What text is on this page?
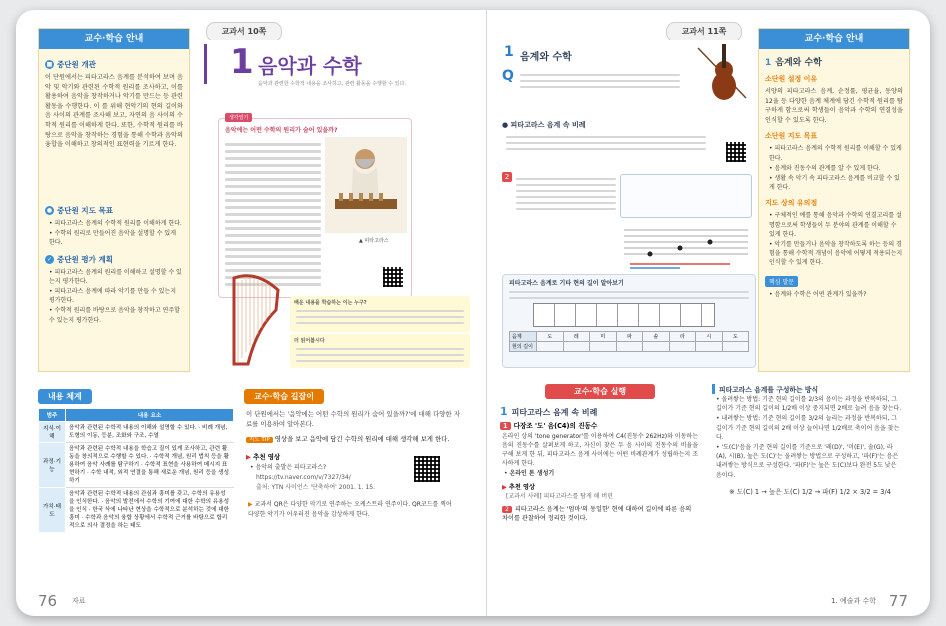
교수·학습 안내
■ 중단원 개관
이 단원에서는 피타고라스 음계를 분석하여 보며 음악 및 악기와 관련된 수학적 원리를 조사하고, 이를 활용하여 음악을 창작하거나 악기를 만드는 등 관련 활동을 수행한다. 이 를 위해 현악기의 현의 길이와 음 사이의 관계를 조사해 보고, 자연의 음 사이의 수학적 원리를 이해하게 한다. 또한, 수학적 원리를 바탕으로 음악을 창작하는 경험을 통해 수학과 음악의 융합을 이해하고 창의적인 표현력을 기르게 한다.
● 중단원 지도 목표
• 피타고라스 음계의 수학적 원리를 이해하게 한다.
• 수학의 원리로 만들어진 음악을 설명할 수 있게 한다.
✓ 중단원 평가 계획
• 피타고라스 음계의 원리를 이해하고 설명할 수 있는지 평가한다.
• 피타고라스 음계에 따라 악기를 만들 수 있는지 평가한다.
• 수학적 원리를 바탕으로 음악을 창작하고 연주할 수 있는지 평가한다.
교과서 10쪽	교과서 11쪽
1 음악과 수학
음악과 관련한 수학적 내용을 조사하고, 관련 활동을 수행할 수 있다.
생각열기
음악에는 어떤 수학의 원리가 숨어 있을까?
▲ 피타고라스
배운 내용을 학습하는 이는 누구?
더 읽어봅시다
1 음계와 수학
Q
● 피타고라스 음계 속 비례
2
피타고라스 음계로 기타 현의 길이 알아보기
음계	도	레	미	파	솔	라	시	도
현의 길이								
교수·학습 안내
1 음계와 수학
소단원 설정 이유
서양의 피타고라스 음계, 순정률, 평균율, 동양의 12율 등 다양한 음계 체계에 담긴 수학적 원리를 탐구하게 함으로써 학생들이 음악과 수학의 연결성을 인식할 수 있도록 한다.
소단원 지도 목표
• 피타고라스 음계의 수학적 원리를 이해할 수 있게 한다.
• 음계와 진동수의 관계를 알 수 있게 한다.
• 생활 속 악기 속 피타고라스 음계를 비교할 수 있게 한다.
지도 상의 유의점
• 구체적인 예를 통해 음악과 수학의 연결고리를 설명함으로써 학생들이 두 분야의 관계를 이해할 수 있게 한다.
• 악기를 만들거나 음악을 창작하도록 하는 등의 경험을 통해 수학적 개념이 음악에 어떻게 적용되는지 인식할 수 있게 한다.
핵심 발문
• 음계와 수학은 어떤 관계가 있을까?
내용 체계
범주	내용 요소
지식·이해	음악과 관련된 수학적 내용의 이해와 설명할 수 있다. · 비례 개념, 도형의 이동, 등분, 조화와 구조, 수열
과정·기능	음악과 관련된 수학적 내용을 학습고 질이 있게 조사하고, 관련 활동을 창의적으로 수행할 수 있다. · 수학적 개념, 원리 법칙 등을 활용하여 음악 사례를 탐구하기 · 수학적 표현을 사용하여 메시지 표현하기 · 수학 내적, 외적 연결을 통해 새로운 개념, 원리 등을 생성하기
가치·태도	음악과 관련된 수학적 내용의 관심과 흥미를 갖고, 수학의 유용성을 인식한다. · 음악의 발전에서 수학의 기여에 대한 수학의 유용성을 인식 · 한국 삭에 나타난 현상을 수학적으로 분석하는 것에 대한 흥미 · 수학과 음악의 융합 상황에서 수학적 근거를 바탕으로 합리적으로 의사 결정을 하는 태도
76 자료
교수·학습 길잡이
이 단원에서는 '음악에는 어떤 수학의 원리가 숨어 있을까?'에 대해 다양한 자료를 이용하여 알아본다.
지도 TIP 영상을 보고 음악에 담긴 수학의 원리에 대해 생각해 보게 한다.
▶ 추천 영상
• 음악의 출발은 피타고라스?
https://tv.naver.com/v/7327/34/
출처: YTN 사이언스 '단축하여' 2001. 1. 15.
▶ 교과서 QR은 다양한 악기로 연주하는 오케스트라 연주이다. QR코드를 찍어 다양한 악기가 어우러진 음악을 감상하게 한다.
교수·학습 실행
1 피타고라스 음계 속 비례
1 다장조 '도' 음(C4)의 진동수
온라인 상의 'tone generator'를 이용하여 C4(진동수 262Hz)와 이동하는 음의 진동수를 살펴보게 하고, 자신이 찾은 두 음 사이의 진동수의 비율을 구해 보게 한 뒤, 피타고라스 음계 사이에는 어떤 비례관계가 성립하는지 조사하게 한다.
• 온라인 톤 생성기
▶ 추천 영상
[교과서 사례] 피타고라스를 탐게 해 버린
2 피타고라스 음계는 '엄마'의 동일한' 현에 대하여 길이에 따른 음의 차이를 관찰하여 정리한 것이다.
피타고라스 음계를 구성하는 방식
• 올려쌓는 방법: 기준 현의 길이를 2/3의 음이는 과정을 반복하되, 그 길이가 기준 현의 길이의 1/2배 이상 중지되면 2배로 늘려 음을 찾는다.
• 내려쌓는 방법: 기준 현의 길이를 3/2의 늘리는 과정을 반복하되, 그 길이가 기준 현의 길이의 2배 이상 늘어나면 1/2배로 축이어 음을 찾는다.
• '도(C)'음을 기준 현의 길이를 기준으로 '레(D)', '미(E)', 솔(G), 라(A), 시(B), 높은 도(C)'는 올려쌓는 방법으로 구성하고, '파(F)'는 음은 내려쌓는 방식으로 구성한다. '파(F)'는 높은 도(C)보다 완전 5도 낮은 음이다.
※ 도(C) 1 → 높은 도(C) 1/2 → 파(F) 1/2 × 3/2 = 3/4
1. 예술과 수학 77
